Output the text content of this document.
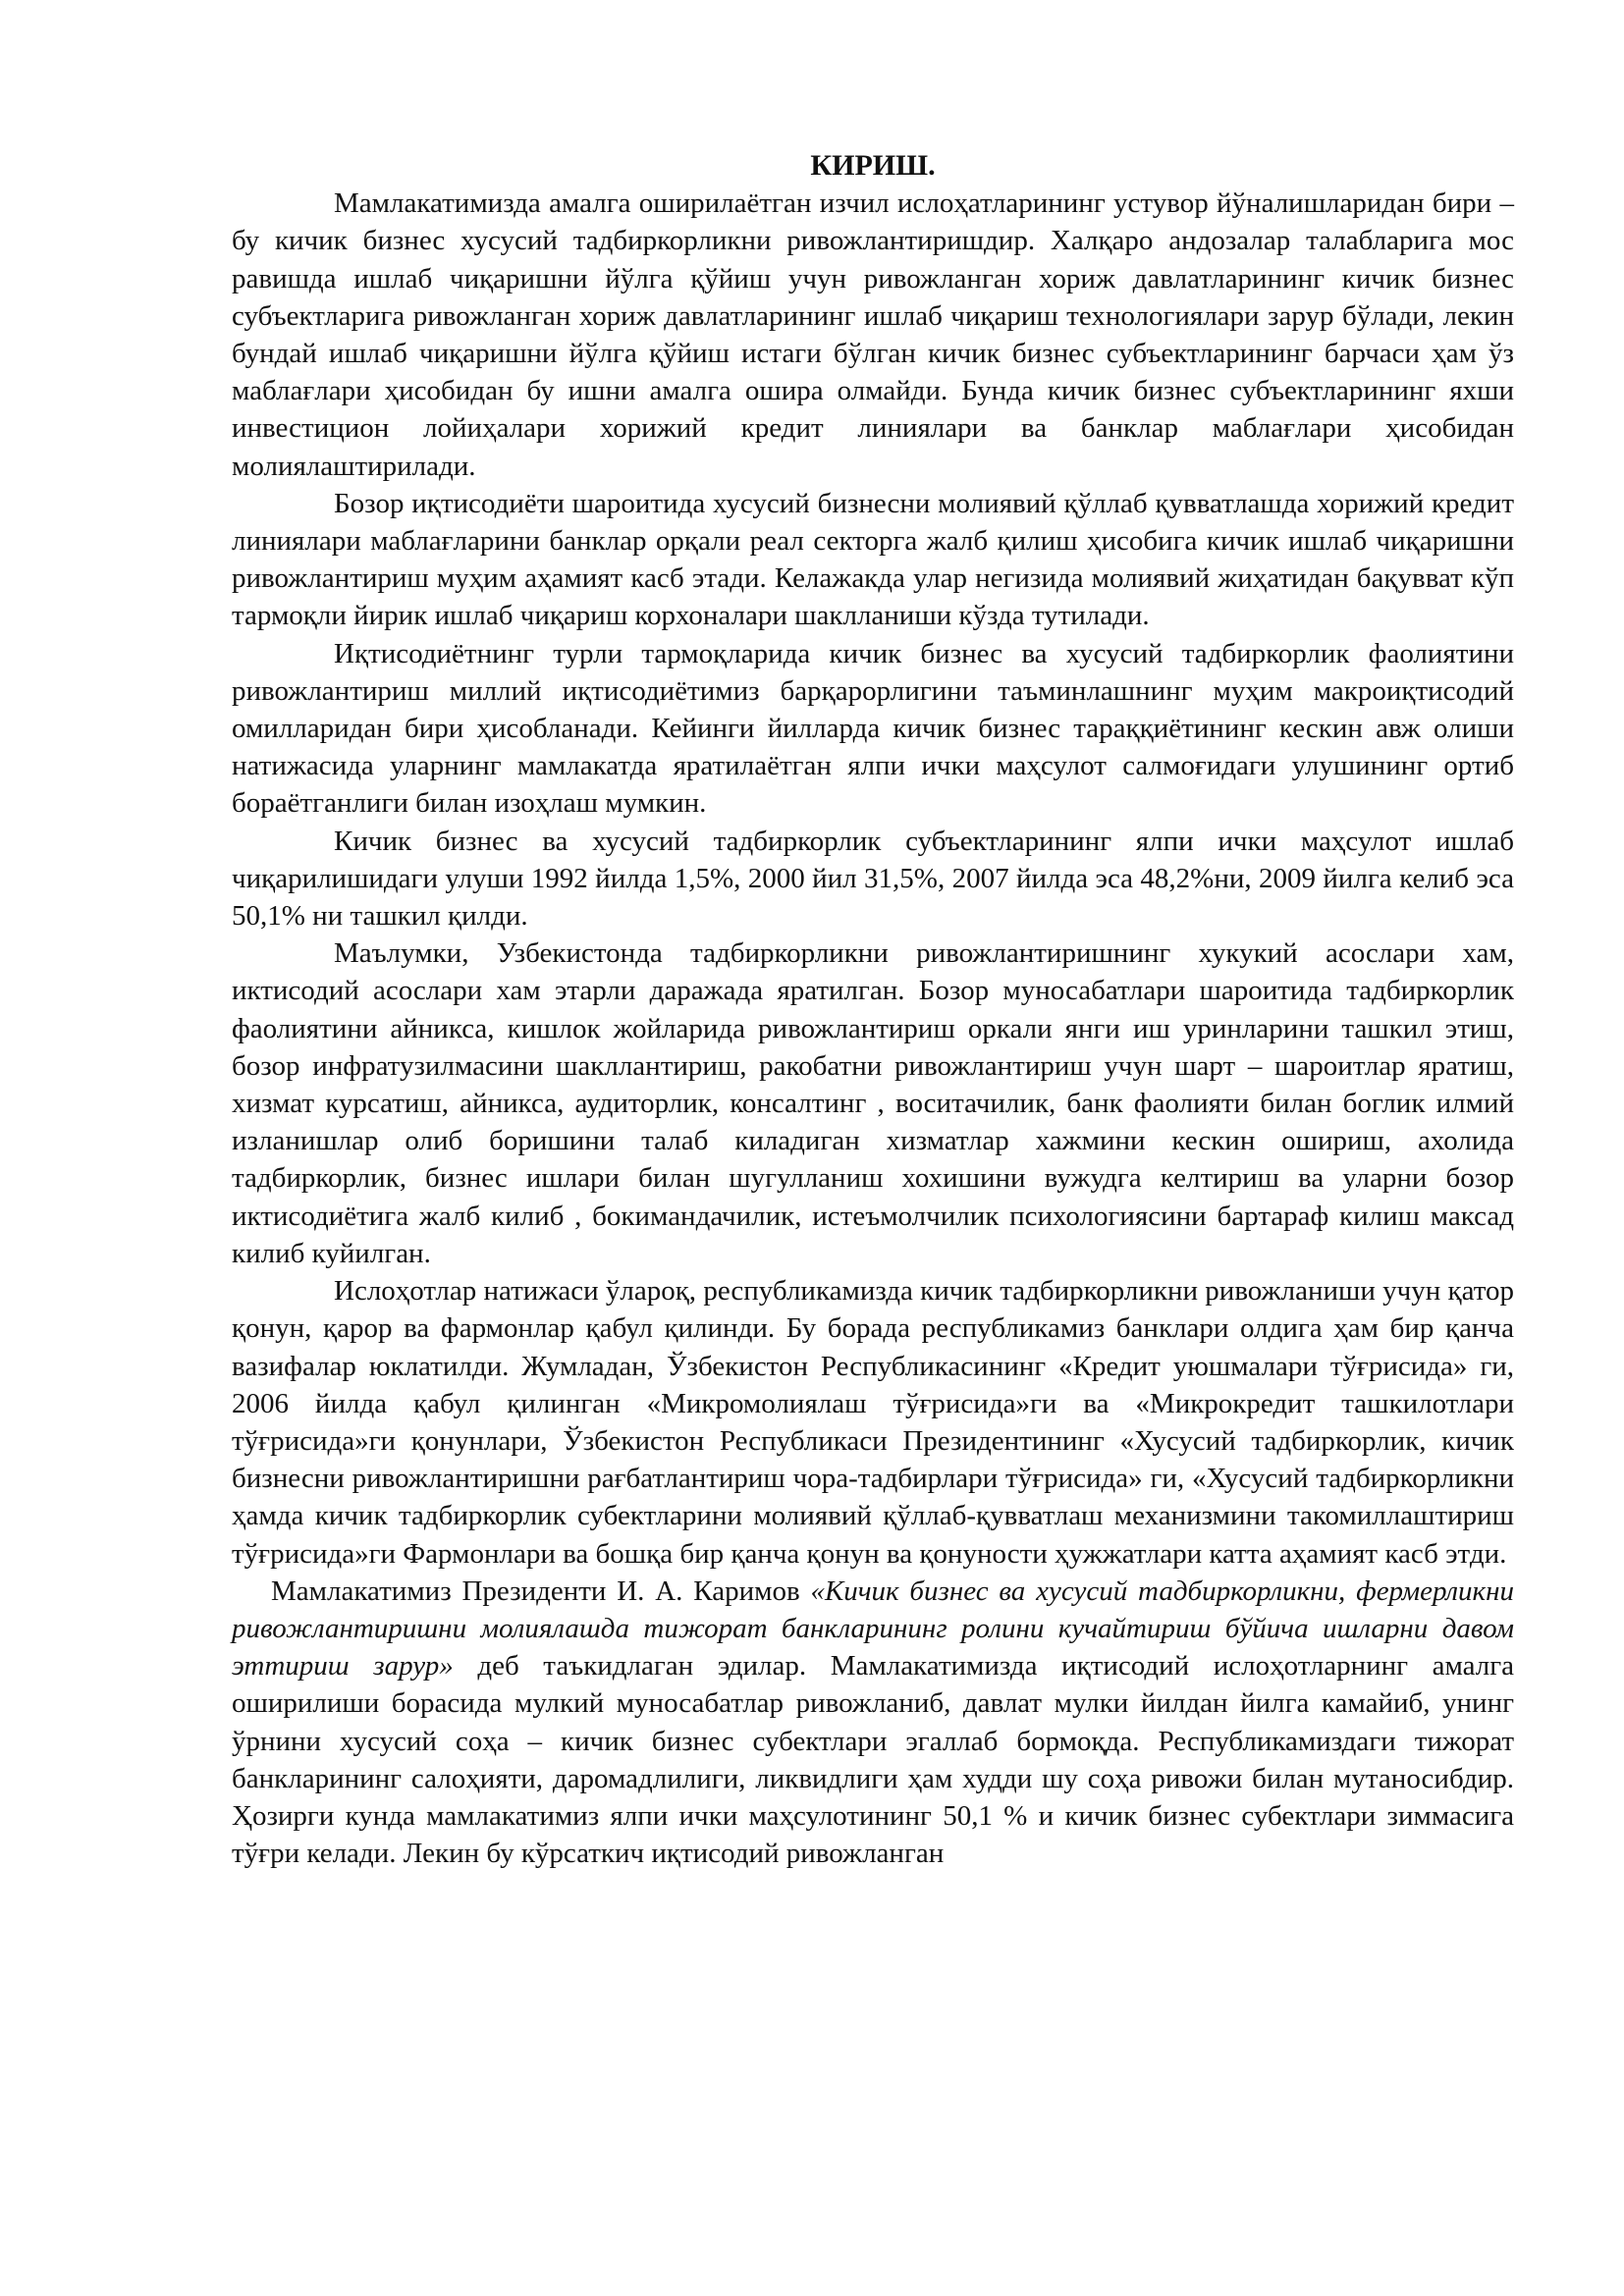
КИРИШ.

Мамлакатимизда амалга оширилаётган изчил ислоҳатларининг устувор йўналишларидан бири – бу кичик бизнес хусусий тадбиркорликни ривожлантиришдир. Халқаро андозалар талабларига мос равишда ишлаб чиқаришни йўлга қўйиш учун ривожланган хориж давлатларининг кичик бизнес субъектларига ривожланган хориж давлатларининг ишлаб чиқариш технологиялари зарур бўлади, лекин бундай ишлаб чиқаришни йўлга қўйиш истаги бўлган кичик бизнес субъектларининг барчаси ҳам ўз маблағлари ҳисобидан бу ишни амалга ошира олмайди. Бунда кичик бизнес субъектларининг яхши инвестицион лойиҳалари хорижий кредит линиялари ва банклар маблағлари ҳисобидан молиялаштирилади.

Бозор иқтисодиёти шароитида хусусий бизнесни молиявий қўллаб қувватлашда хорижий кредит линиялари маблағларини банклар орқали реал секторга жалб қилиш ҳисобига кичик ишлаб чиқаришни ривожлантириш муҳим аҳамият касб этади. Келажакда улар негизида молиявий жиҳатидан бақувват кўп тармоқли йирик ишлаб чиқариш корхоналари шаклланиши кўзда тутилади.

Иқтисодиётнинг турли тармоқларида кичик бизнес ва хусусий тадбиркорлик фаолиятини ривожлантириш миллий иқтисодиётимиз барқарорлигини таъминлашнинг муҳим макроиқтисодий омилларидан бири ҳисобланади. Кейинги йилларда кичик бизнес тараққиётининг кескин авж олиши натижасида уларнинг мамлакатда яратилаётган ялпи ички маҳсулот салмоғидаги улушининг ортиб бораётганлиги билан изоҳлаш мумкин.

Кичик бизнес ва хусусий тадбиркорлик субъектларининг ялпи ички маҳсулот ишлаб чиқарилишидаги улуши 1992 йилда 1,5%, 2000 йил 31,5%, 2007 йилда эса 48,2%ни, 2009 йилга келиб эса 50,1% ни ташкил қилди.

Маълумки, Узбекистонда тадбиркорликни ривожлантиришнинг хукукий асослари хам, иктисодий асослари хам этарли даражада яратилган. Бозор муносабатлари шароитида тадбиркорлик фаолиятини айникса, кишлок жойларида ривожлантириш оркали янги иш уринларини ташкил этиш, бозор инфратузилмасини шакллантириш, ракобатни ривожлантириш учун шарт – шароитлар яратиш, хизмат курсатиш, айникса, аудиторлик, консалтинг , воситачилик, банк фаолияти билан боглик илмий изланишлар олиб боришини талаб киладиган хизматлар хажмини кескин ошириш, ахолида тадбиркорлик, бизнес ишлари билан шугулланиш хохишини вужудга келтириш ва уларни бозор иктисодиётига жалб килиб , бокимандачилик, истеъмолчилик психологиясини бартараф килиш максад килиб куйилган.

Ислоҳотлар натижаси ўлароқ, республикамизда кичик тадбиркорликни ривожланиши учун қатор қонун, қарор ва фармонлар қабул қилинди. Бу борада республикамиз банклари олдига ҳам бир қанча вазифалар юклатилди. Жумладан, Ўзбекистон Республикасининг «Кредит уюшмалари тўғрисида» ги, 2006 йилда қабул қилинган «Микромолиялаш тўғрисида»ги ва «Микрокредит ташкилотлари тўғрисида»ги қонунлари, Ўзбекистон Республикаси Президентининг «Хусусий тадбиркорлик, кичик бизнесни ривожлантиришни рағбатлантириш чора-тадбирлари тўғрисида» ги, «Хусусий тадбиркорликни ҳамда кичик тадбиркорлик субектларини молиявий қўллаб-қувватлаш механизмини такомиллаштириш тўғрисида»ги Фармонлари ва бошқа бир қанча қонун ва қонуности ҳужжатлари катта аҳамият касб этди.

Мамлакатимиз Президенти И. А. Каримов «Кичик бизнес ва хусусий тадбиркорликни, фермерликни ривожлантиришни молиялашда тижорат банкларининг ролини кучайтириш бўйича ишларни давом эттириш зарур» деб таъкидлаган эдилар. Мамлакатимизда иқтисодий ислоҳотларнинг амалга оширилиши борасида мулкий муносабатлар ривожланиб, давлат мулки йилдан йилга камайиб, унинг ўрнини хусусий соҳа – кичик бизнес субектлари эгаллаб бормоқда. Республикамиздаги тижорат банкларининг салоҳияти, даромадлилиги, ликвидлиги ҳам худди шу соҳа ривожи билан мутаносибдир. Ҳозирги кунда мамлакатимиз ялпи ички маҳсулотининг 50,1 % и кичик бизнес субектлари зиммасига тўғри келади. Лекин бу кўрсаткич иқтисодий ривожланган
